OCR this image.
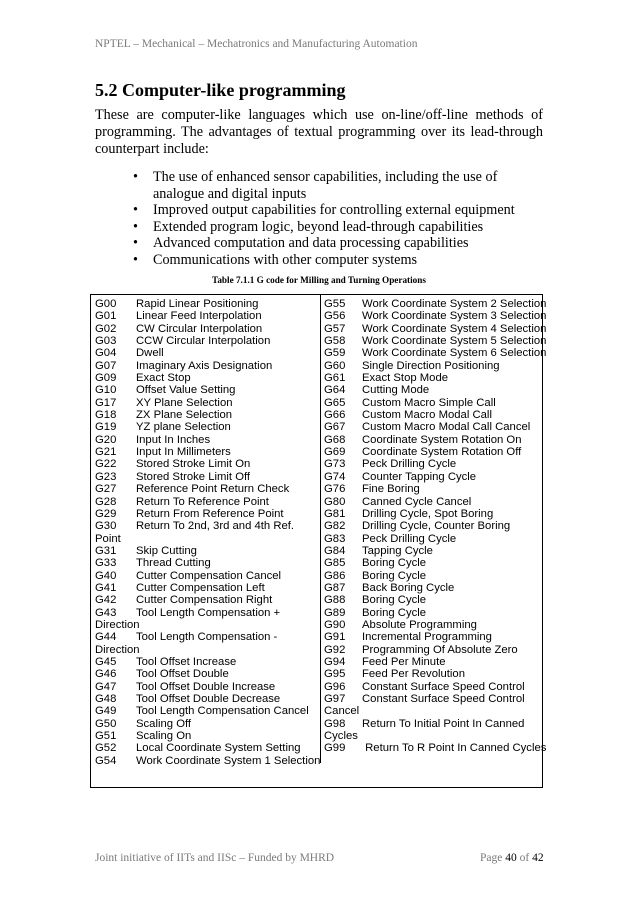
NPTEL – Mechanical – Mechatronics and Manufacturing Automation
5.2 Computer-like programming

These are computer-like languages which use on-line/off-line methods of programming. The advantages of textual programming over its lead-through counterpart include:

• The use of enhanced sensor capabilities, including the use of analogue and digital inputs
• Improved output capabilities for controlling external equipment
• Extended program logic, beyond lead-through capabilities
• Advanced computation and data processing capabilities
• Communications with other computer systems
Table 7.1.1 G code for Milling and Turning Operations
G00 Rapid Linear Positioning
G01 Linear Feed Interpolation
G02 CW Circular Interpolation
G03 CCW Circular Interpolation
G04 Dwell
G07 Imaginary Axis Designation
G09 Exact Stop
G10 Offset Value Setting
G17 XY Plane Selection
G18 ZX Plane Selection
G19 YZ plane Selection
G20 Input In Inches
G21 Input In Millimeters
G22 Stored Stroke Limit On
G23 Stored Stroke Limit Off
G27 Reference Point Return Check
G28 Return To Reference Point
G29 Return From Reference Point
G30 Return To 2nd, 3rd and 4th Ref.
Point
G31 Skip Cutting
G33 Thread Cutting
G40 Cutter Compensation Cancel
G41 Cutter Compensation Left
G42 Cutter Compensation Right
G43 Tool Length Compensation +
Direction
G44 Tool Length Compensation -
Direction
G45 Tool Offset Increase
G46 Tool Offset Double
G47 Tool Offset Double Increase
G48 Tool Offset Double Decrease
G49 Tool Length Compensation Cancel
G50 Scaling Off
G51 Scaling On
G52 Local Coordinate System Setting
G54 Work Coordinate System 1 Selection
G55 Work Coordinate System 2 Selection
G56 Work Coordinate System 3 Selection
G57 Work Coordinate System 4 Selection
G58 Work Coordinate System 5 Selection
G59 Work Coordinate System 6 Selection
G60 Single Direction Positioning
G61 Exact Stop Mode
G64 Cutting Mode
G65 Custom Macro Simple Call
G66 Custom Macro Modal Call
G67 Custom Macro Modal Call Cancel
G68 Coordinate System Rotation On
G69 Coordinate System Rotation Off
G73 Peck Drilling Cycle
G74 Counter Tapping Cycle
G76 Fine Boring
G80 Canned Cycle Cancel
G81 Drilling Cycle, Spot Boring
G82 Drilling Cycle, Counter Boring
G83 Peck Drilling Cycle
G84 Tapping Cycle
G85 Boring Cycle
G86 Boring Cycle
G87 Back Boring Cycle
G88 Boring Cycle
G89 Boring Cycle
G90 Absolute Programming
G91 Incremental Programming
G92 Programming Of Absolute Zero
G94 Feed Per Minute
G95 Feed Per Revolution
G96 Constant Surface Speed Control
G97 Constant Surface Speed Control
Cancel
G98 Return To Initial Point In Canned
Cycles
G99 Return To R Point In Canned Cycles
Joint initiative of IITs and IISc – Funded by MHRD	Page 40 of 42
